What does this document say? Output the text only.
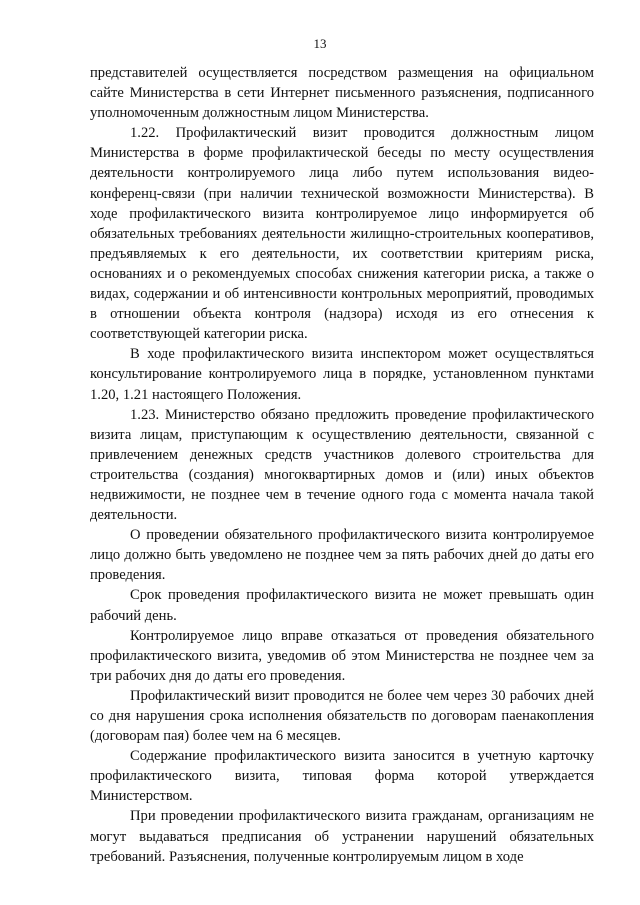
13

представителей осуществляется посредством размещения на официальном сайте Министерства в сети Интернет письменного разъяснения, подписанного уполномоченным должностным лицом Министерства.

1.22. Профилактический визит проводится должностным лицом Министерства в форме профилактической беседы по месту осуществления деятельности контролируемого лица либо путем использования видео-конференц-связи (при наличии технической возможности Министерства). В ходе профилактического визита контролируемое лицо информируется об обязательных требованиях деятельности жилищно-строительных кооперативов, предъявляемых к его деятельности, их соответствии критериям риска, основаниях и о рекомендуемых способах снижения категории риска, а также о видах, содержании и об интенсивности контрольных мероприятий, проводимых в отношении объекта контроля (надзора) исходя из его отнесения к соответствующей категории риска.

В ходе профилактического визита инспектором может осуществляться консультирование контролируемого лица в порядке, установленном пунктами 1.20, 1.21 настоящего Положения.

1.23. Министерство обязано предложить проведение профилактического визита лицам, приступающим к осуществлению деятельности, связанной с привлечением денежных средств участников долевого строительства для строительства (создания) многоквартирных домов и (или) иных объектов недвижимости, не позднее чем в течение одного года с момента начала такой деятельности.

О проведении обязательного профилактического визита контролируемое лицо должно быть уведомлено не позднее чем за пять рабочих дней до даты его проведения.

Срок проведения профилактического визита не может превышать один рабочий день.

Контролируемое лицо вправе отказаться от проведения обязательного профилактического визита, уведомив об этом Министерства не позднее чем за три рабочих дня до даты его проведения.

Профилактический визит проводится не более чем через 30 рабочих дней со дня нарушения срока исполнения обязательств по договорам паенакопления (договорам пая) более чем на 6 месяцев.

Содержание профилактического визита заносится в учетную карточку профилактического визита, типовая форма которой утверждается Министерством.

При проведении профилактического визита гражданам, организациям не могут выдаваться предписания об устранении нарушений обязательных требований. Разъяснения, полученные контролируемым лицом в ходе
